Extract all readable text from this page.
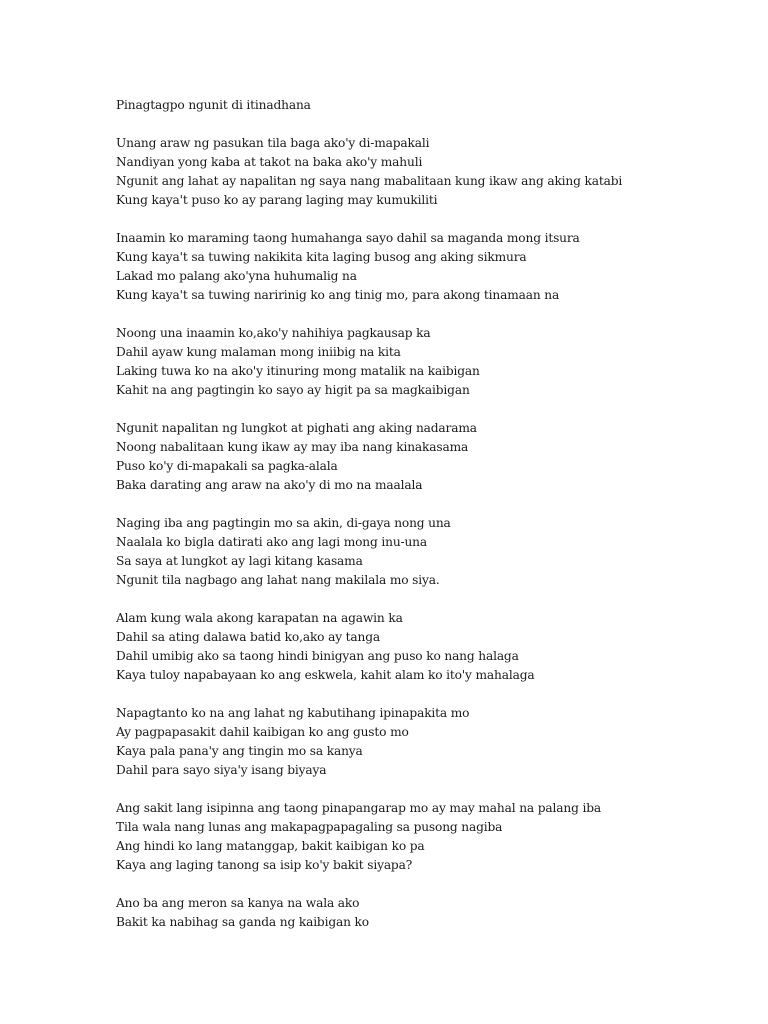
Pinagtagpo ngunit di itinadhana
Unang araw ng pasukan tila baga ako'y di-mapakali
Nandiyan yong kaba at takot na baka ako'y mahuli
Ngunit ang lahat ay napalitan ng saya nang mabalitaan kung ikaw ang aking katabi
Kung kaya't puso ko ay parang laging may kumukiliti
Inaamin ko maraming taong humahanga sayo dahil sa maganda mong itsura
Kung kaya't sa tuwing nakikita kita laging busog ang aking sikmura
Lakad mo palang ako'yna huhumalig na
Kung kaya't sa tuwing naririnig ko ang tinig mo, para akong tinamaan na
Noong una inaamin ko,ako'y nahihiya pagkausap ka
Dahil ayaw kung malaman mong iniibig na kita
Laking tuwa ko na ako'y itinuring mong matalik na kaibigan
Kahit na ang pagtingin ko sayo ay higit pa sa magkaibigan
Ngunit napalitan ng lungkot at pighati ang aking nadarama
Noong nabalitaan kung ikaw ay may iba nang kinakasama
Puso ko'y di-mapakali sa pagka-alala
Baka darating ang araw na ako'y di mo na maalala
Naging iba ang pagtingin mo sa akin, di-gaya nong una
Naalala ko bigla datirati ako ang lagi mong inu-una
Sa saya at lungkot ay lagi kitang kasama
Ngunit tila nagbago ang lahat nang makilala mo siya.
Alam kung wala akong karapatan na agawin ka
Dahil sa ating dalawa batid ko,ako ay tanga
Dahil umibig ako sa taong hindi binigyan ang puso ko nang halaga
Kaya tuloy napabayaan ko ang eskwela, kahit alam ko ito'y mahalaga
Napagtanto ko na ang lahat ng kabutihang ipinapakita mo
Ay pagpapasakit dahil kaibigan ko ang gusto mo
Kaya pala pana'y ang tingin mo sa kanya
Dahil para sayo siya'y isang biyaya
Ang sakit lang isipinna ang taong pinapangarap mo ay may mahal na palang iba
Tila wala nang lunas ang makapagpapagaling sa pusong nagiba
Ang hindi ko lang matanggap, bakit kaibigan ko pa
Kaya ang laging tanong sa isip ko'y bakit siyapa?
Ano ba ang meron sa kanya na wala ako
Bakit ka nabihag sa ganda ng kaibigan ko
